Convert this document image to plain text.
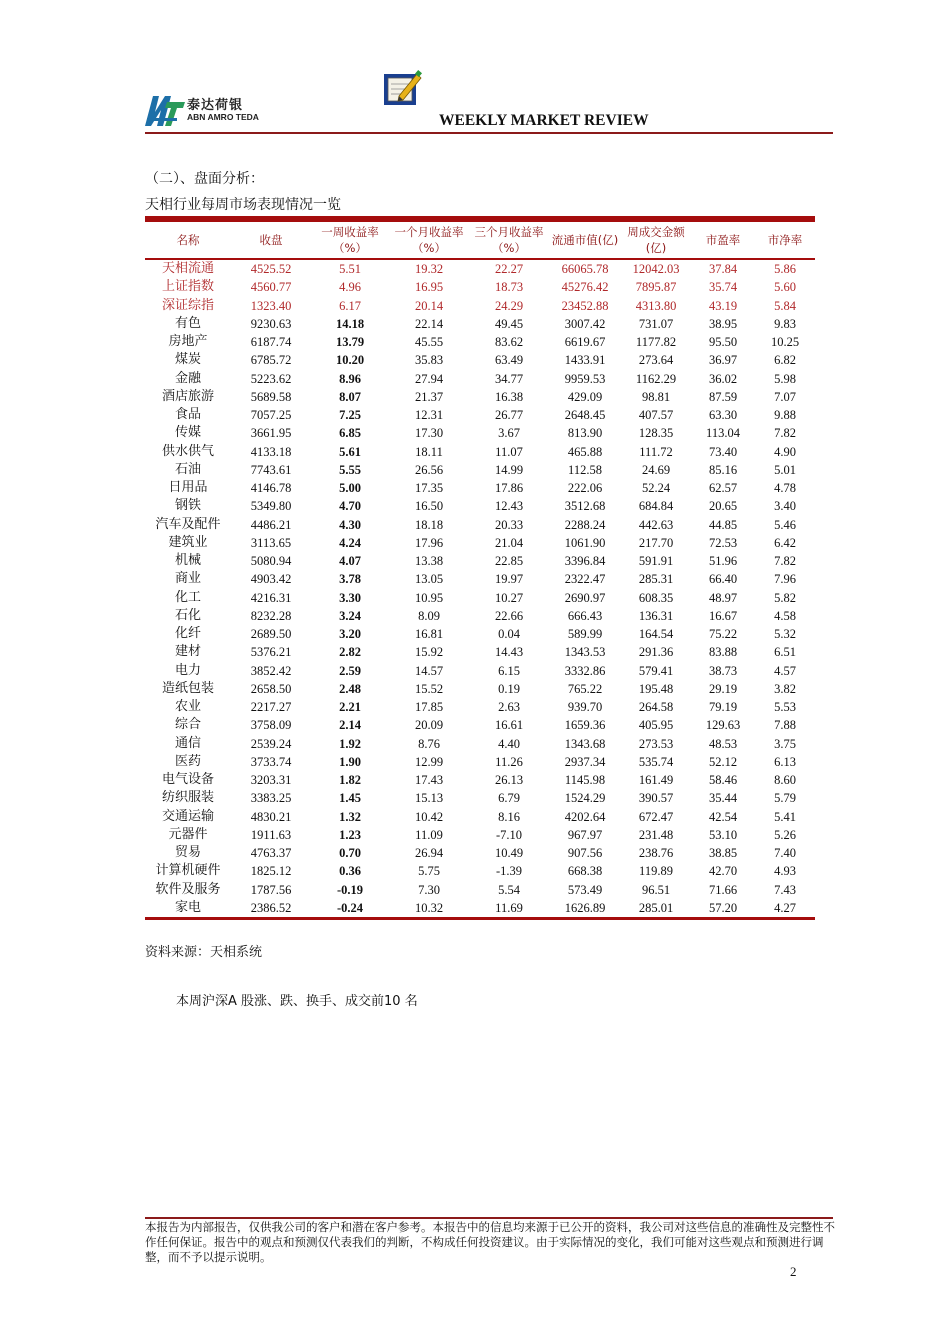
泰达荷银
ABN AMRO TEDA	WEEKLY MARKET REVIEW
（二）、盘面分析：
天相行业每周市场表现情况一览
名称	收盘	一周收益率（%）	一个月收益率（%）	三个月收益率（%）	流通市值(亿)	周成交金额(亿)	市盈率	市净率
天相流通	4525.52	5.51	19.32	22.27	66065.78	12042.03	37.84	5.86
上证指数	4560.77	4.96	16.95	18.73	45276.42	7895.87	35.74	5.60
深证综指	1323.40	6.17	20.14	24.29	23452.88	4313.80	43.19	5.84
有色	9230.63	14.18	22.14	49.45	3007.42	731.07	38.95	9.83
房地产	6187.74	13.79	45.55	83.62	6619.67	1177.82	95.50	10.25
煤炭	6785.72	10.20	35.83	63.49	1433.91	273.64	36.97	6.82
金融	5223.62	8.96	27.94	34.77	9959.53	1162.29	36.02	5.98
酒店旅游	5689.58	8.07	21.37	16.38	429.09	98.81	87.59	7.07
食品	7057.25	7.25	12.31	26.77	2648.45	407.57	63.30	9.88
传媒	3661.95	6.85	17.30	3.67	813.90	128.35	113.04	7.82
供水供气	4133.18	5.61	18.11	11.07	465.88	111.72	73.40	4.90
石油	7743.61	5.55	26.56	14.99	112.58	24.69	85.16	5.01
日用品	4146.78	5.00	17.35	17.86	222.06	52.24	62.57	4.78
钢铁	5349.80	4.70	16.50	12.43	3512.68	684.84	20.65	3.40
汽车及配件	4486.21	4.30	18.18	20.33	2288.24	442.63	44.85	5.46
建筑业	3113.65	4.24	17.96	21.04	1061.90	217.70	72.53	6.42
机械	5080.94	4.07	13.38	22.85	3396.84	591.91	51.96	7.82
商业	4903.42	3.78	13.05	19.97	2322.47	285.31	66.40	7.96
化工	4216.31	3.30	10.95	10.27	2690.97	608.35	48.97	5.82
石化	8232.28	3.24	8.09	22.66	666.43	136.31	16.67	4.58
化纤	2689.50	3.20	16.81	0.04	589.99	164.54	75.22	5.32
建材	5376.21	2.82	15.92	14.43	1343.53	291.36	83.88	6.51
电力	3852.42	2.59	14.57	6.15	3332.86	579.41	38.73	4.57
造纸包装	2658.50	2.48	15.52	0.19	765.22	195.48	29.19	3.82
农业	2217.27	2.21	17.85	2.63	939.70	264.58	79.19	5.53
综合	3758.09	2.14	20.09	16.61	1659.36	405.95	129.63	7.88
通信	2539.24	1.92	8.76	4.40	1343.68	273.53	48.53	3.75
医药	3733.74	1.90	12.99	11.26	2937.34	535.74	52.12	6.13
电气设备	3203.31	1.82	17.43	26.13	1145.98	161.49	58.46	8.60
纺织服装	3383.25	1.45	15.13	6.79	1524.29	390.57	35.44	5.79
交通运输	4830.21	1.32	10.42	8.16	4202.64	672.47	42.54	5.41
元器件	1911.63	1.23	11.09	-7.10	967.97	231.48	53.10	5.26
贸易	4763.37	0.70	26.94	10.49	907.56	238.76	38.85	7.40
计算机硬件	1825.12	0.36	5.75	-1.39	668.38	119.89	42.70	4.93
软件及服务	1787.56	-0.19	7.30	5.54	573.49	96.51	71.66	7.43
家电	2386.52	-0.24	10.32	11.69	1626.89	285.01	57.20	4.27
资料来源：天相系统
本周沪深A 股涨、跌、换手、成交前10 名
本报告为内部报告，仅供我公司的客户和潜在客户参考。本报告中的信息均来源于已公开的资料，我公司对这些信息的准确性及完整性不作任何保证。报告中的观点和预测仅代表我们的判断，不构成任何投资建议。由于实际情况的变化，我们可能对这些观点和预测进行调整，而不予以提示说明。
2
